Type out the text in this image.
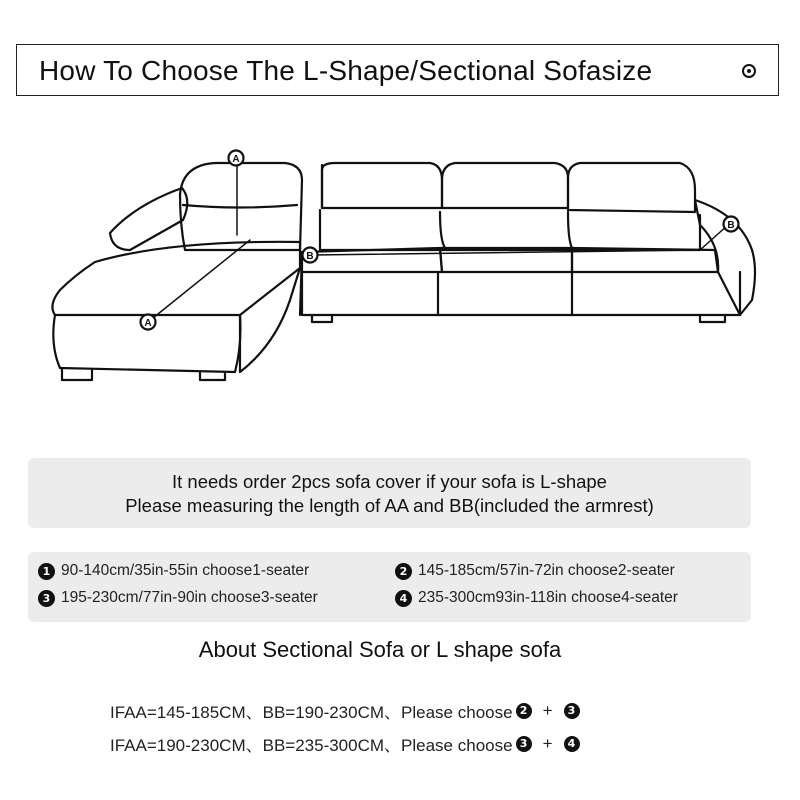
How To Choose The L-Shape/Sectional Sofasize
A
A
B
B
It needs order 2pcs sofa cover if your sofa is L-shape
Please measuring the length of AA and BB(included the armrest)
1 90-140cm/35in-55in choose 1-seater	2 145-185cm/57in-72in choose 2-seater
3 195-230cm/77in-90in choose 3-seater	4 235-300cm93in-118in choose 4-seater
About Sectional Sofa or L shape sofa
IFAA=145-185CM、BB=190-230CM、Please choose 2 +	3
IFAA=190-230CM、BB=235-300CM、Please choose 3 +	4
